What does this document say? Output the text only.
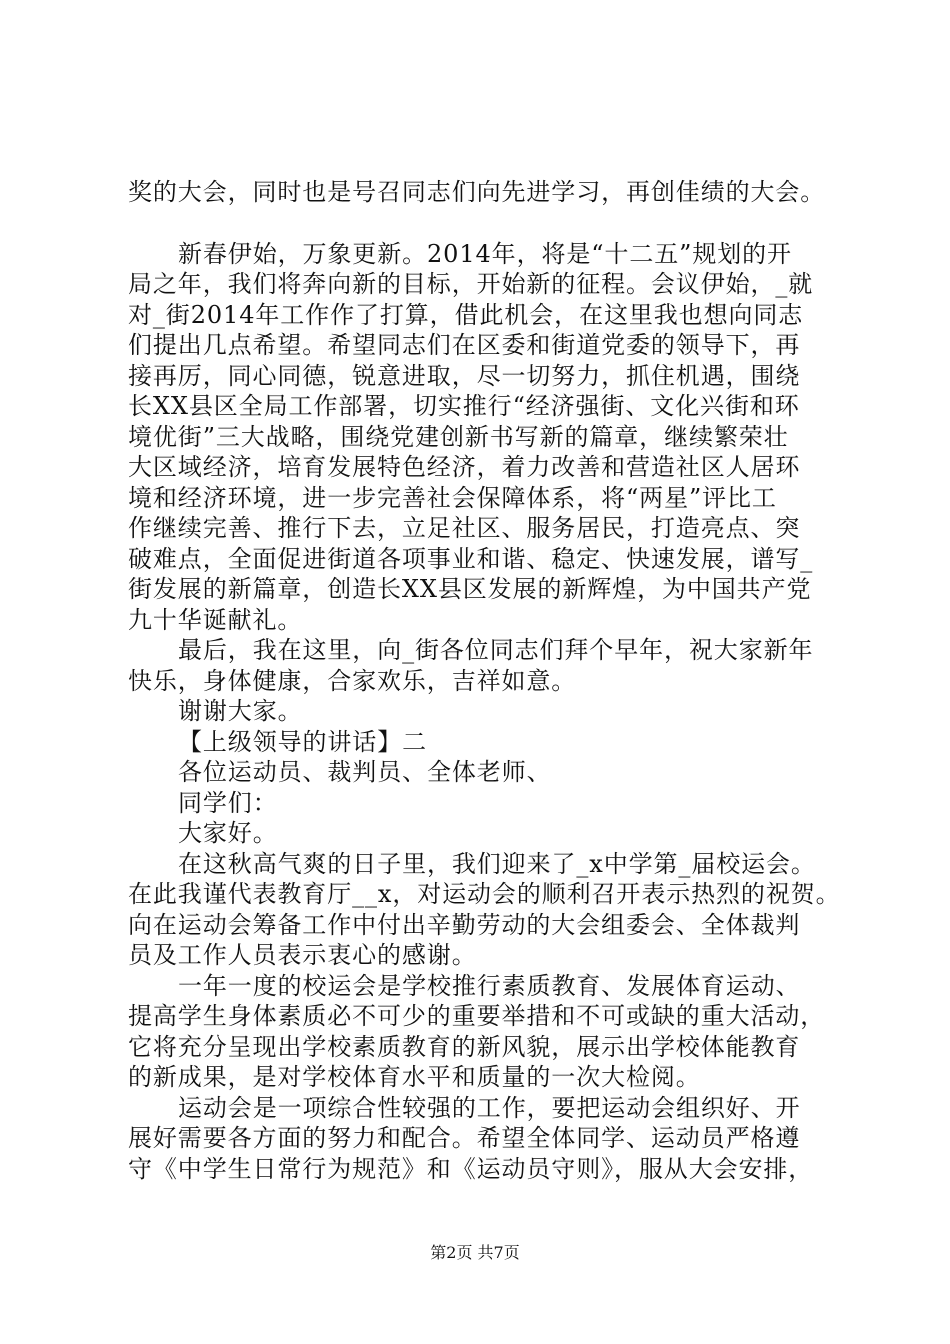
奖的大会，同时也是号召同志们向先进学习，再创佳绩的大会。
新春伊始，万象更新。2014年，将是“十二五”规划的开
局之年，我们将奔向新的目标，开始新的征程。会议伊始，_就
对_街2014年工作作了打算，借此机会，在这里我也想向同志
们提出几点希望。希望同志们在区委和街道党委的领导下，再
接再厉，同心同德，锐意进取，尽一切努力，抓住机遇，围绕
长XX县区全局工作部署，切实推行“经济强街、文化兴街和环
境优街”三大战略，围绕党建创新书写新的篇章，继续繁荣壮
大区域经济，培育发展特色经济，着力改善和营造社区人居环
境和经济环境，进一步完善社会保障体系，将“两星”评比工
作继续完善、推行下去，立足社区、服务居民，打造亮点、突
破难点，全面促进街道各项事业和谐、稳定、快速发展，谱写_
街发展的新篇章，创造长XX县区发展的新辉煌，为中国共产党
九十华诞献礼。
最后，我在这里，向_街各位同志们拜个早年，祝大家新年
快乐，身体健康，合家欢乐，吉祥如意。
谢谢大家。
【上级领导的讲话】二
各位运动员、裁判员、全体老师、
同学们：
大家好。
在这秋高气爽的日子里，我们迎来了_x中学第_届校运会。
在此我谨代表教育厅__x，对运动会的顺利召开表示热烈的祝贺。
向在运动会筹备工作中付出辛勤劳动的大会组委会、全体裁判
员及工作人员表示衷心的感谢。
一年一度的校运会是学校推行素质教育、发展体育运动、
提高学生身体素质必不可少的重要举措和不可或缺的重大活动，
它将充分呈现出学校素质教育的新风貌，展示出学校体能教育
的新成果，是对学校体育水平和质量的一次大检阅。
运动会是一项综合性较强的工作，要把运动会组织好、开
展好需要各方面的努力和配合。希望全体同学、运动员严格遵
守《中学生日常行为规范》和《运动员守则》，服从大会安排，
第2页 共7页
